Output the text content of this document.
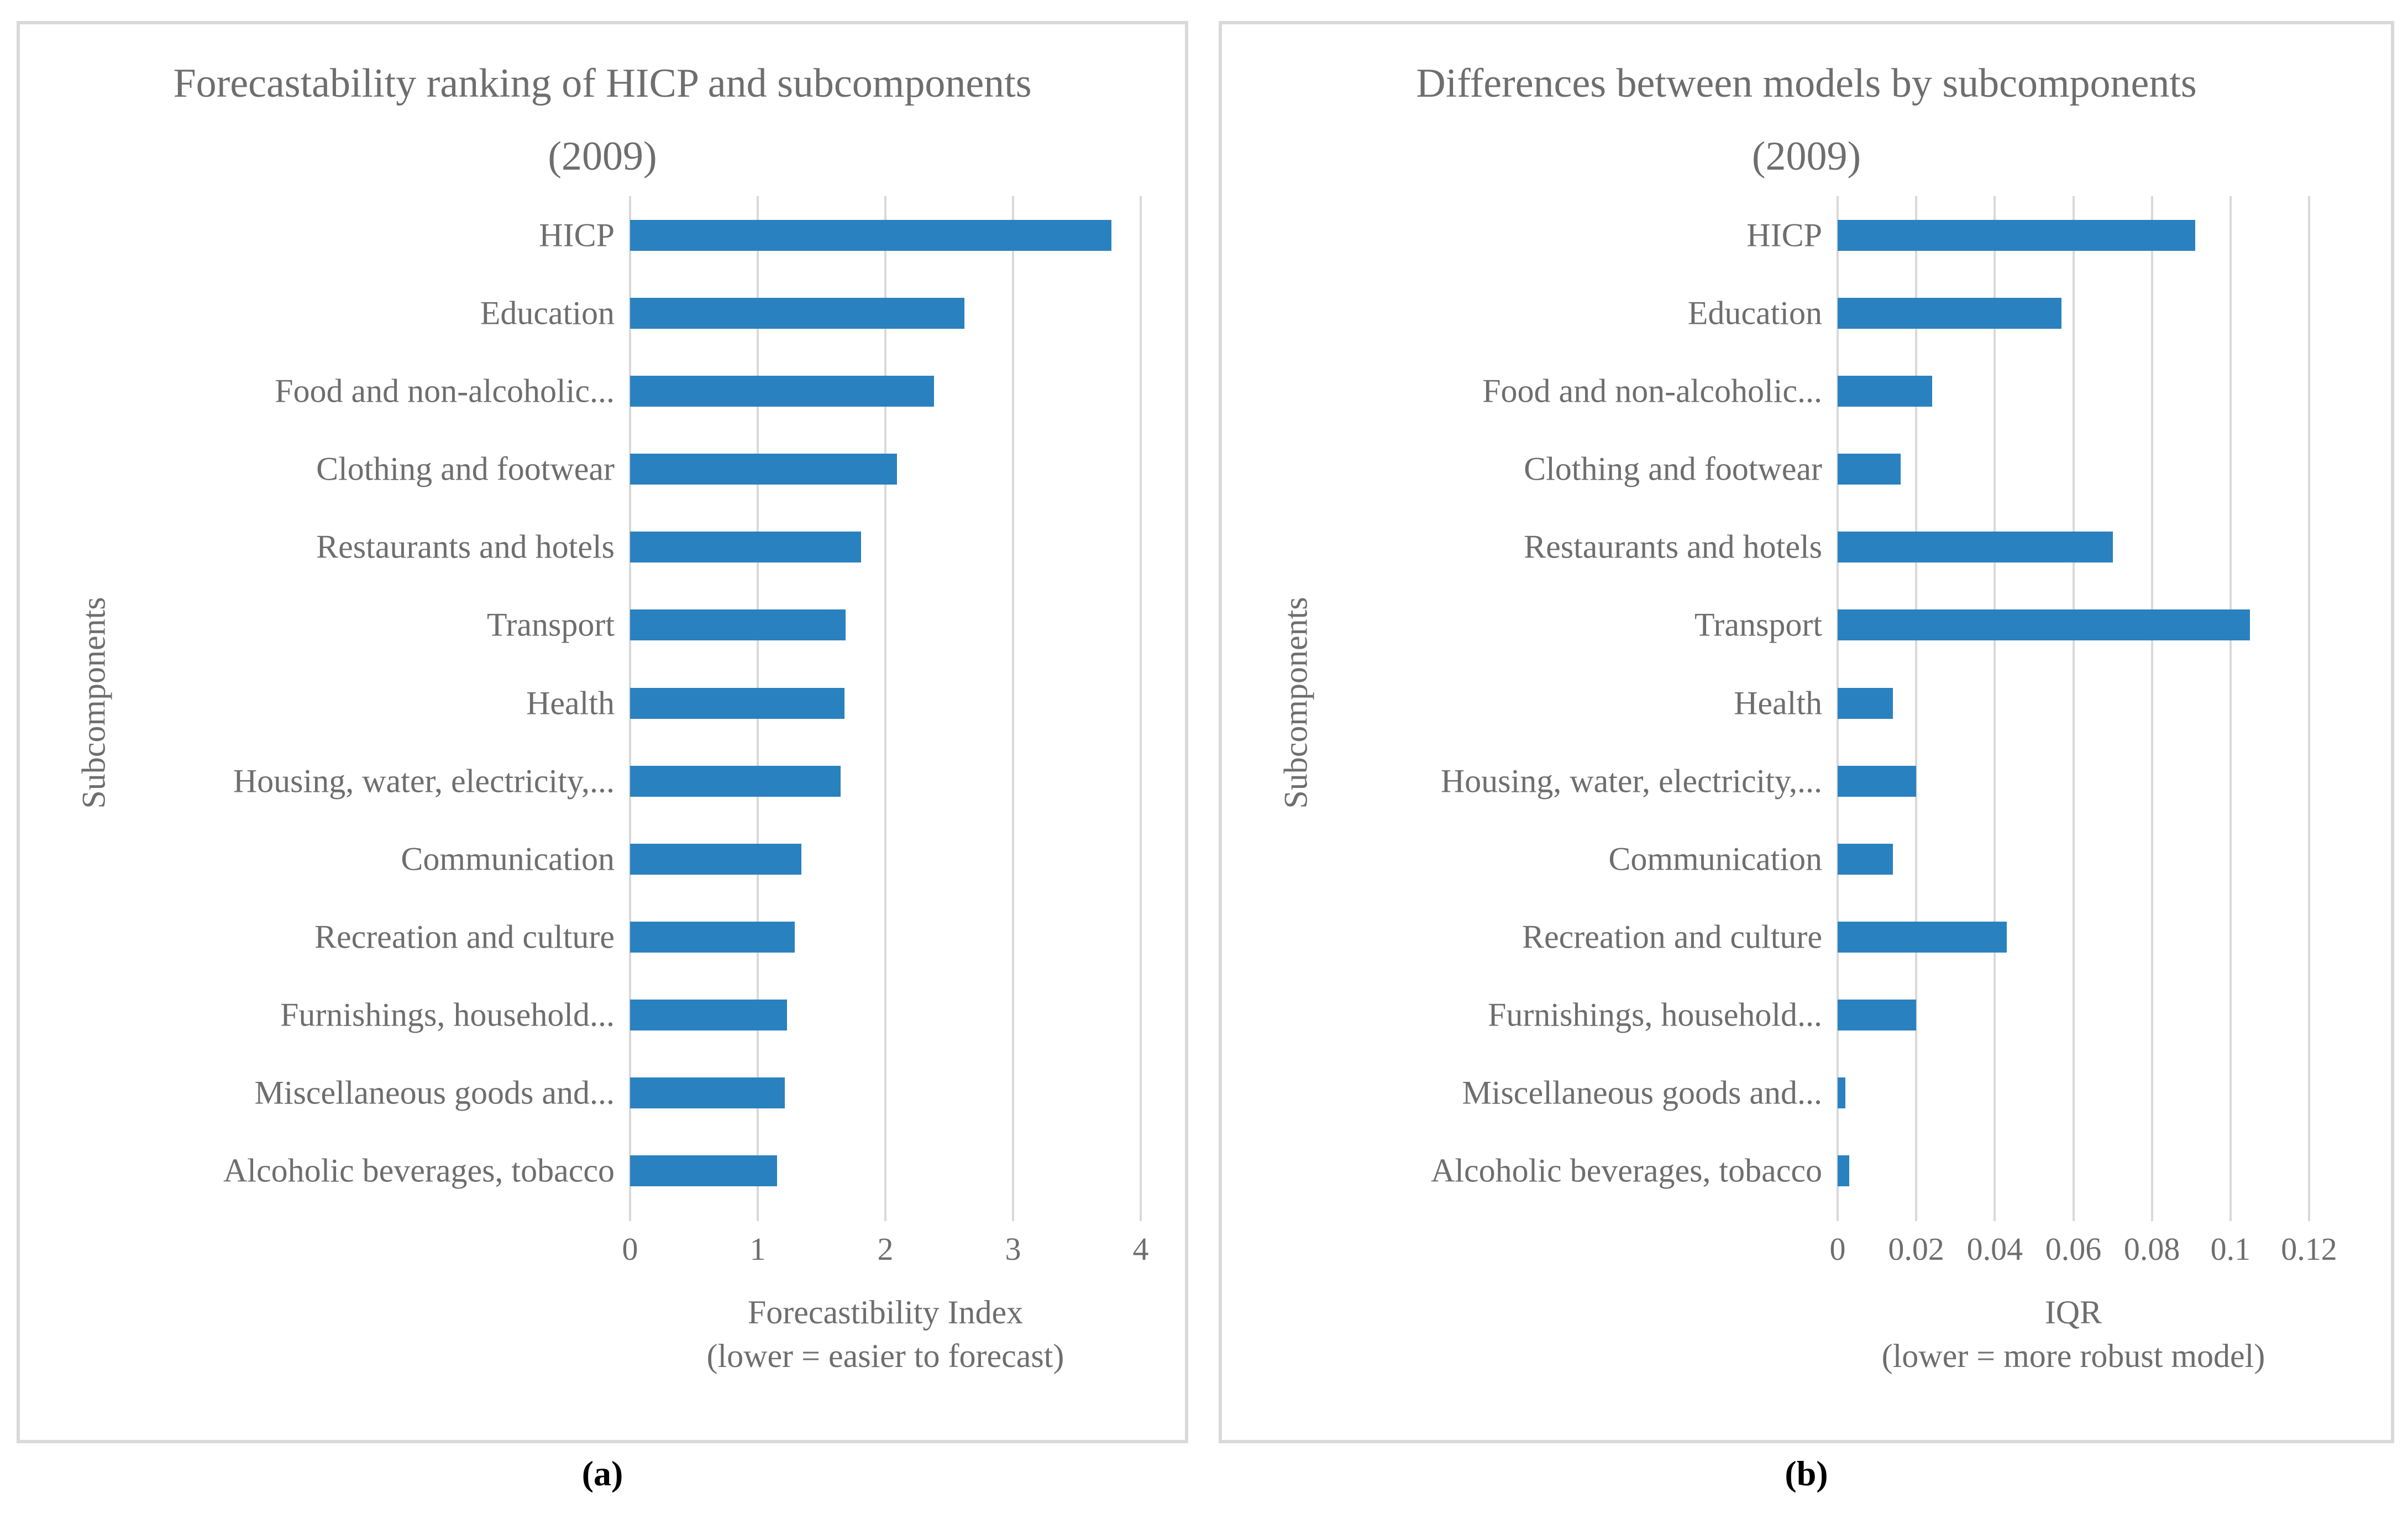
Forecastability ranking of HICP and subcomponents
(2009)
Subcomponents
0	1	2	3	4
HICP
Education
Food and non-alcoholic...
Clothing and footwear
Restaurants and hotels
Transport
Health
Housing, water, electricity,...
Communication
Recreation and culture
Furnishings, household...
Miscellaneous goods and...
Alcoholic beverages, tobacco
Forecastibility Index
(lower = easier to forecast)
Differences between models by subcomponents
(2009)
Subcomponents
0 0.02 0.04 0.06 0.08 0.1 0.12
HICP
Education
Food and non-alcoholic...
Clothing and footwear
Restaurants and hotels
Transport
Health
Housing, water, electricity,...
Communication
Recreation and culture
Furnishings, household...
Miscellaneous goods and...
Alcoholic beverages, tobacco
IQR
(lower = more robust model)
(a)	(b)
